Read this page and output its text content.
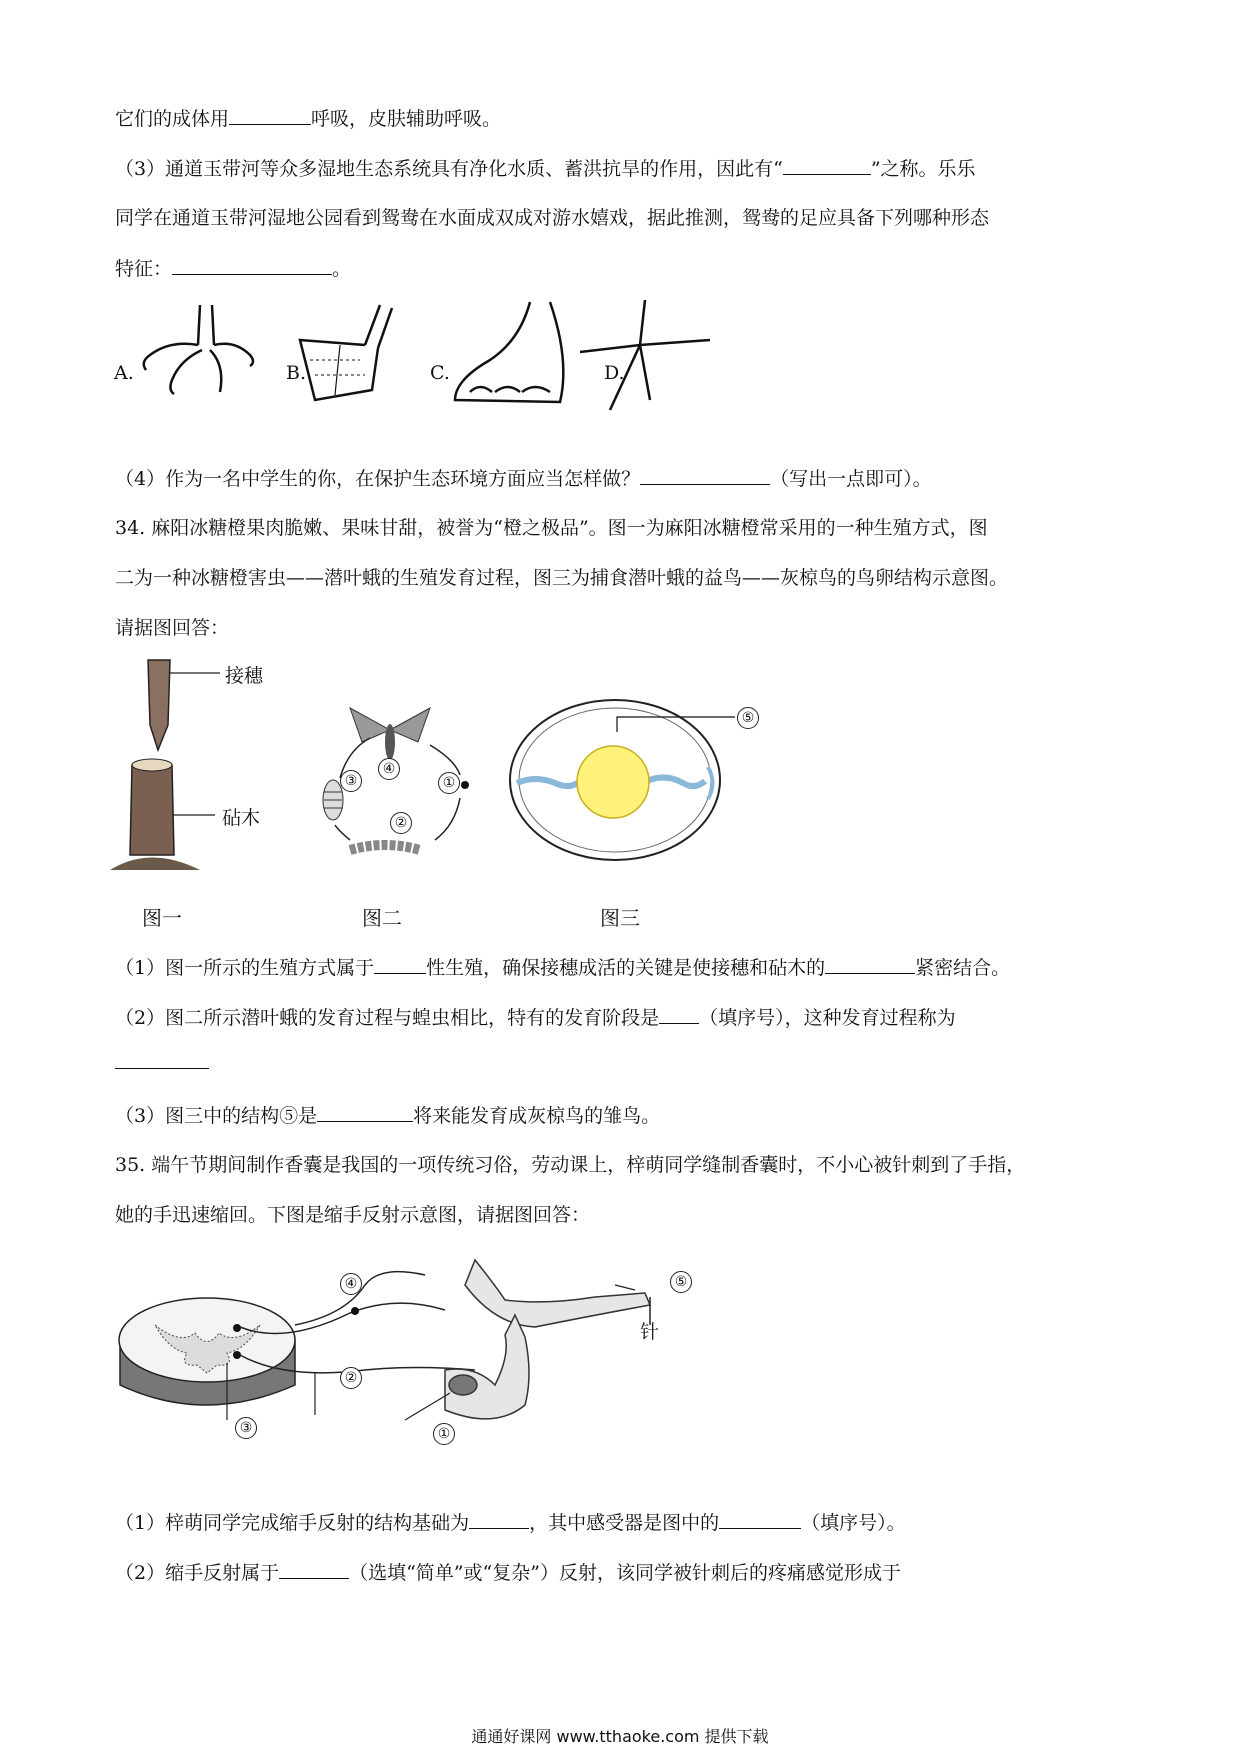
它们的成体用	呼吸，皮肤辅助呼吸。
（3）通道玉带河等众多湿地生态系统具有净化水质、蓄洪抗旱的作用，因此有“	”之称。乐乐
同学在通道玉带河湿地公园看到鸳鸯在水面成双成对游水嬉戏，据此推测，鸳鸯的足应具备下列哪种形态
特征：	。
A.	B.	C.	D.
（4）作为一名中学生的你，在保护生态环境方面应当怎样做？	（写出一点即可）。
34. 麻阳冰糖橙果肉脆嫩、果味甘甜，被誉为“橙之极品”。图一为麻阳冰糖橙常采用的一种生殖方式，图
二为一种冰糖橙害虫——潜叶蛾的生殖发育过程，图三为捕食潜叶蛾的益鸟——灰椋鸟的鸟卵结构示意图。
请据图回答：
接穗
砧木
③
④
①
②
⑤
图一	图二	图三
（1）图一所示的生殖方式属于	性生殖，确保接穗成活的关键是使接穗和砧木的	紧密结合。
（2）图二所示潜叶蛾的发育过程与蝗虫相比，特有的发育阶段是 （填序号），这种发育过程称为
（3）图三中的结构⑤是	将来能发育成灰椋鸟的雏鸟。
35. 端午节期间制作香囊是我国的一项传统习俗，劳动课上，梓萌同学缝制香囊时，不小心被针刺到了手指，
她的手迅速缩回。下图是缩手反射示意图，请据图回答：
④	⑤
针
②
③	①
（1）梓萌同学完成缩手反射的结构基础为	，其中感受器是图中的	（填序号）。
（2）缩手反射属于	（选填“简单”或“复杂”）反射，该同学被针刺后的疼痛感觉形成于
通通好课网 www.tthaoke.com 提供下载
